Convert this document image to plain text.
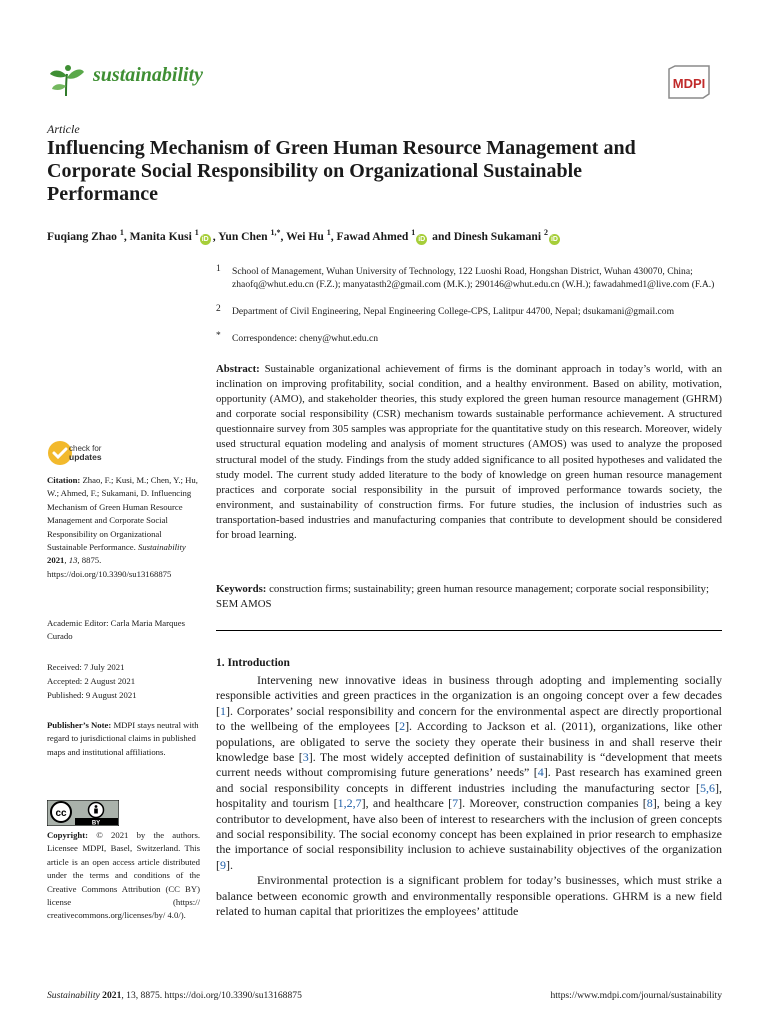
sustainability	MDPI
Article
Influencing Mechanism of Green Human Resource Management and Corporate Social Responsibility on Organizational Sustainable Performance
Fuqiang Zhao $^1$, Manita Kusi $^1$iD , Yun Chen $^{1,*}$, Wei Hu $^1$, Fawad Ahmed $^1$iD and Dinesh Sukamani $^2$iD
1 School of Management, Wuhan University of Technology, 122 Luoshi Road, Hongshan District, Wuhan 430070, China; zhaofq@whut.edu.cn (F.Z.); manyatasth2@gmail.com (M.K.); 290146@whut.edu.cn (W.H.); fawadahmed1@live.com (F.A.)
2 Department of Civil Engineering, Nepal Engineering College-CPS, Lalitpur 44700, Nepal; dsukamani@gmail.com
* Correspondence: cheny@whut.edu.cn
Abstract: Sustainable organizational achievement of firms is the dominant approach in today’s world, with an inclination on improving profitability, social condition, and a healthy environment. Based on ability, motivation, opportunity (AMO), and stakeholder theories, this study explored the green human resource management (GHRM) and corporate social responsibility (CSR) mechanism towards sustainable performance achievement. A structured questionnaire survey from 305 samples was appropriate for the quantitative study on this research. Moreover, widely used structural equation modeling and analysis of moment structures (AMOS) was used to analyze the proposed structural model of the study. Findings from the study added significance to all posited hypotheses and validated the study model. The current study added literature to the body of knowledge on green human resource management practices and corporate social responsibility in the pursuit of improved performance towards society, the environment, and sustainability of construction firms. For future studies, the inclusion of industries such as transportation-based industries and manufacturing companies that contribute to development should be considered for broad learning.
Keywords: construction firms; sustainability; green human resource management; corporate social responsibility; SEM AMOS
1. Introduction

Intervening new innovative ideas in business through adopting and implementing socially responsible activities and green practices in the organization is an ongoing concept over a few decades [1]. Corporates’ social responsibility and concern for the environmental aspect are directly proportional to the wellbeing of the employees [2]. According to Jackson et al. (2011), organizations, like other populations, are obligated to serve the society they operate their business in and shall reserve their knowledge base [3]. The most widely accepted definition of sustainability is “development that meets current needs without compromising future generations’ needs” [4]. Past research has examined green and social responsibility concepts in different industries including the manufacturing sector [5,6], hospitality and tourism [1,2,7], and healthcare [7]. Moreover, construction companies [8], being a key contributor to development, have also been of interest to researchers with the inclusion of green concepts and social responsibility. The social economy concept has been explained in prior research to emphasize the importance of social responsibility inclusion to achieve sustainability objectives of the organization [9].

Environmental protection is a significant problem for today’s businesses, which must strike a balance between economic growth and environmentally responsible operations. GHRM is a new field related to human capital that prioritizes the employees’ attitude

check for
updates
Citation: Zhao, F.; Kusi, M.; Chen, Y.; Hu, W.; Ahmed, F.; Sukamani, D. Influencing Mechanism of Green Human Resource Management and Corporate Social Responsibility on Organizational Sustainable Performance. Sustainability 2021, 13, 8875. https://doi.org/10.3390/su13168875
Academic Editor: Carla Maria Marques Curado
Received: 7 July 2021
Accepted: 2 August 2021
Published: 9 August 2021
Publisher’s Note: MDPI stays neutral with regard to jurisdictional claims in published maps and institutional affiliations.
cc
BY
Copyright: © 2021 by the authors. Licensee MDPI, Basel, Switzerland. This article is an open access article distributed under the terms and conditions of the Creative Commons Attribution (CC BY) license (https:// creativecommons.org/licenses/by/ 4.0/).
Sustainability 2021, 13, 8875. https://doi.org/10.3390/su13168875	https://www.mdpi.com/journal/sustainability
